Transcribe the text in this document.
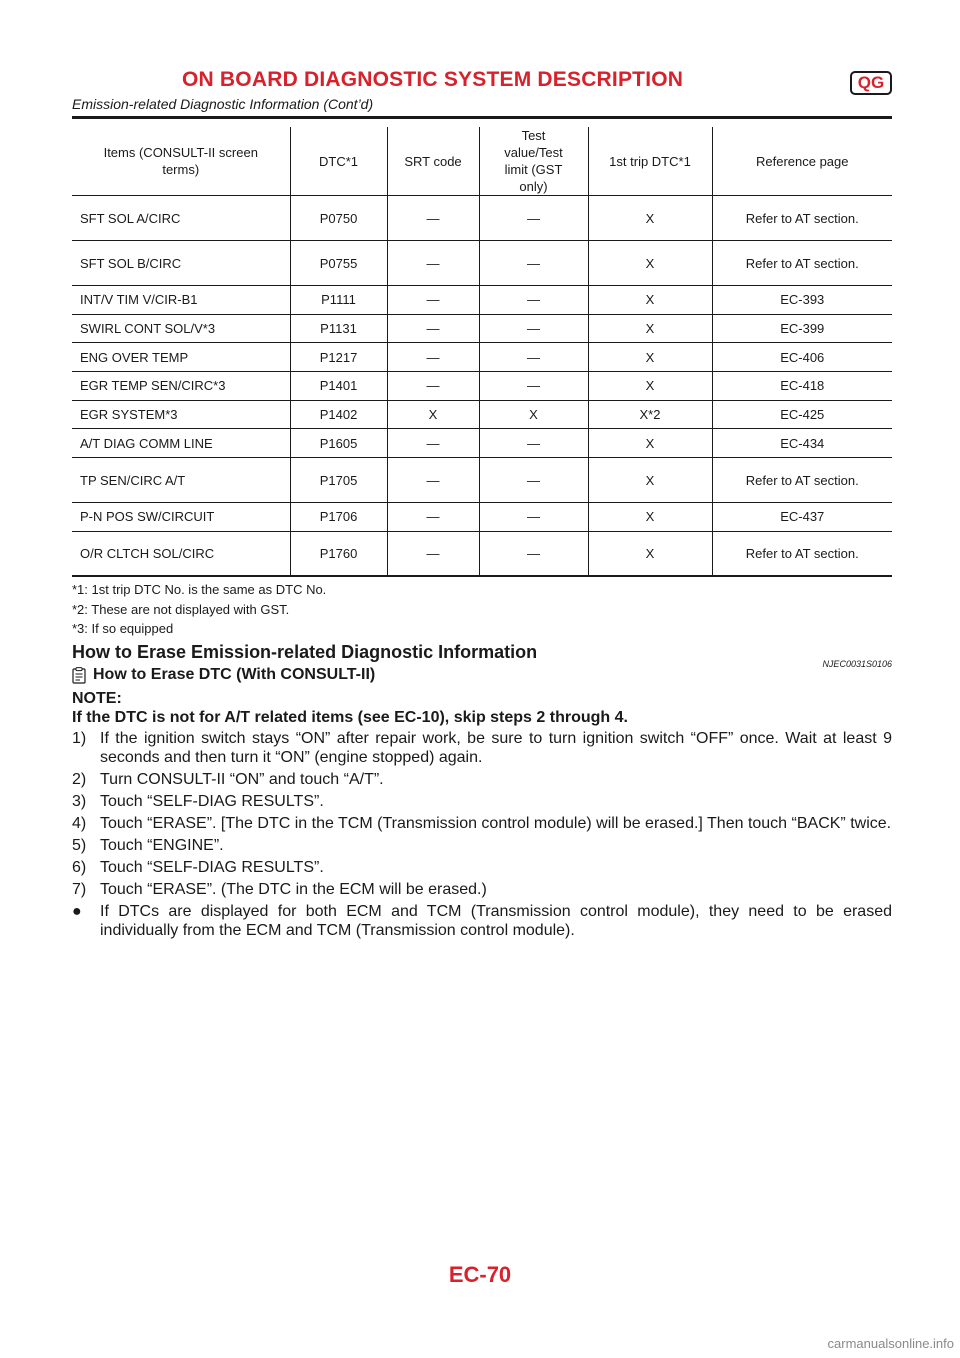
ON BOARD DIAGNOSTIC SYSTEM DESCRIPTION	QG
Emission-related Diagnostic Information (Cont’d)
Items (CONSULT-II screen terms)	DTC*1	SRT code	Test value/Test limit (GST only)	1st trip DTC*1	Reference page
SFT SOL A/CIRC	P0750	—	—	X	Refer to AT section.
SFT SOL B/CIRC	P0755	—	—	X	Refer to AT section.
INT/V TIM V/CIR-B1	P1111	—	—	X	EC-393
SWIRL CONT SOL/V*3	P1131	—	—	X	EC-399
ENG OVER TEMP	P1217	—	—	X	EC-406
EGR TEMP SEN/CIRC*3	P1401	—	—	X	EC-418
EGR SYSTEM*3	P1402	X	X	X*2	EC-425
A/T DIAG COMM LINE	P1605	—	—	X	EC-434
TP SEN/CIRC A/T	P1705	—	—	X	Refer to AT section.
P-N POS SW/CIRCUIT	P1706	—	—	X	EC-437
O/R CLTCH SOL/CIRC	P1760	—	—	X	Refer to AT section.
*1: 1st trip DTC No. is the same as DTC No.
*2: These are not displayed with GST.
*3: If so equipped
How to Erase Emission-related Diagnostic Information
NJEC0031S0106
How to Erase DTC (With CONSULT-II)
NOTE:
If the DTC is not for A/T related items (see EC-10), skip steps 2 through 4.
1) If the ignition switch stays “ON” after repair work, be sure to turn ignition switch “OFF” once. Wait at least 9 seconds and then turn it “ON” (engine stopped) again.
2) Turn CONSULT-II “ON” and touch “A/T”.
3) Touch “SELF-DIAG RESULTS”.
4) Touch “ERASE”. [The DTC in the TCM (Transmission control module) will be erased.] Then touch “BACK” twice.
5) Touch “ENGINE”.
6) Touch “SELF-DIAG RESULTS”.
7) Touch “ERASE”. (The DTC in the ECM will be erased.)
● If DTCs are displayed for both ECM and TCM (Transmission control module), they need to be erased individually from the ECM and TCM (Transmission control module).
EC-70
carmanualsonline.info
